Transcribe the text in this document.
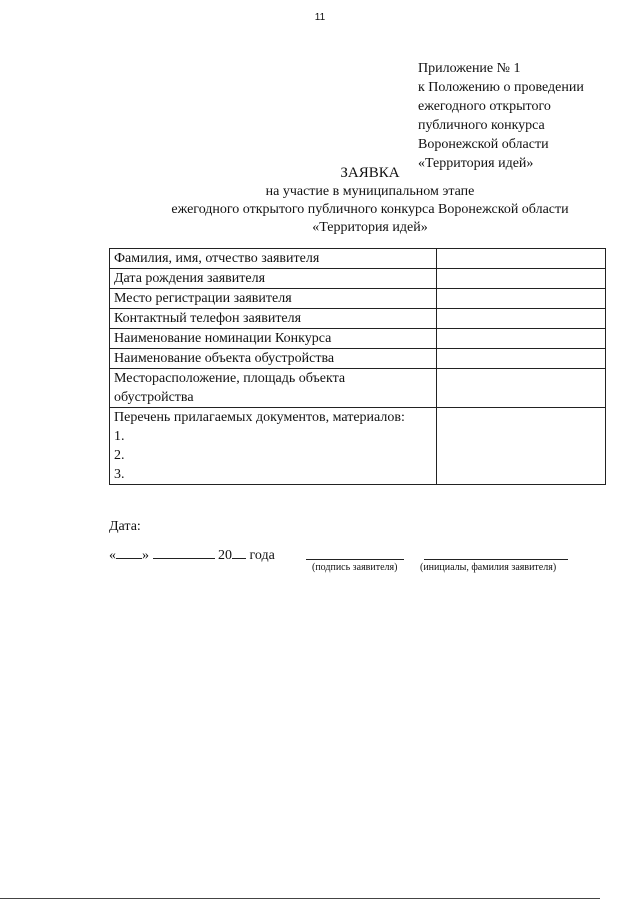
11
Приложение № 1
к Положению о проведении
ежегодного открытого
публичного конкурса
Воронежской области
«Территория идей»
ЗАЯВКА
на участие в муниципальном этапе
ежегодного открытого публичного конкурса Воронежской области
«Территория идей»
Фамилия, имя, отчество заявителя	

Дата рождения заявителя	

Место регистрации заявителя	

Контактный телефон заявителя	

Наименование номинации Конкурса	

Наименование объекта обустройства	

Месторасположение, площадь объекта
обустройства	

Перечень прилагаемых документов, материалов:
1.
2.
3.	

Дата:
« »	20 года
(подпись заявителя) (инициалы, фамилия заявителя)
